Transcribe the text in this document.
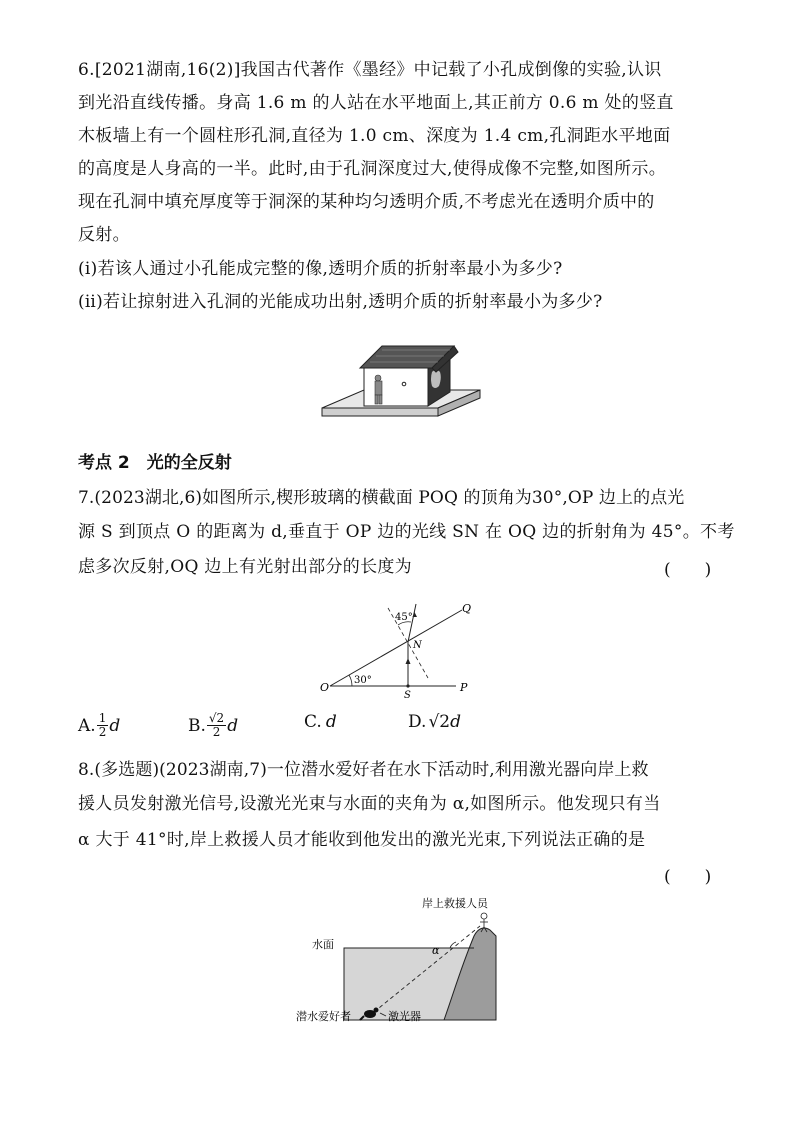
6.[2021湖南,16(2)]我国古代著作《墨经》中记载了小孔成倒像的实验,认识
到光沿直线传播。身高 1.6 m 的人站在水平地面上,其正前方 0.6 m 处的竖直
木板墙上有一个圆柱形孔洞,直径为 1.0 cm、深度为 1.4 cm,孔洞距水平地面
的高度是人身高的一半。此时,由于孔洞深度过大,使得成像不完整,如图所示。
现在孔洞中填充厚度等于洞深的某种均匀透明介质,不考虑光在透明介质中的
反射。
(ⅰ)若该人通过小孔能成完整的像,透明介质的折射率最小为多少?
(ⅱ)若让掠射进入孔洞的光能成功出射,透明介质的折射率最小为多少?
考点 2　光的全反射
7.(2023湖北,6)如图所示,楔形玻璃的横截面 POQ 的顶角为30°,OP 边上的点光
源 S 到顶点 O 的距离为 d,垂直于 OP 边的光线 SN 在 OQ 边的折射角为 45°。不考
虑多次反射,OQ 边上有光射出部分的长度为	(　　)
O	P
Q
S
N
30°
45°
A. $\frac{1}{2}$ d	B. $\frac{√2}{2}$ d	C. d	D. √2 d
8.(多选题)(2023湖南,7)一位潜水爱好者在水下活动时,利用激光器向岸上救
援人员发射激光信号,设激光光束与水面的夹角为 α,如图所示。他发现只有当
α 大于 41°时,岸上救援人员才能收到他发出的激光光束,下列说法正确的是
(　　)
岸上救援人员
水面	α
潜水爱好者	激光器
